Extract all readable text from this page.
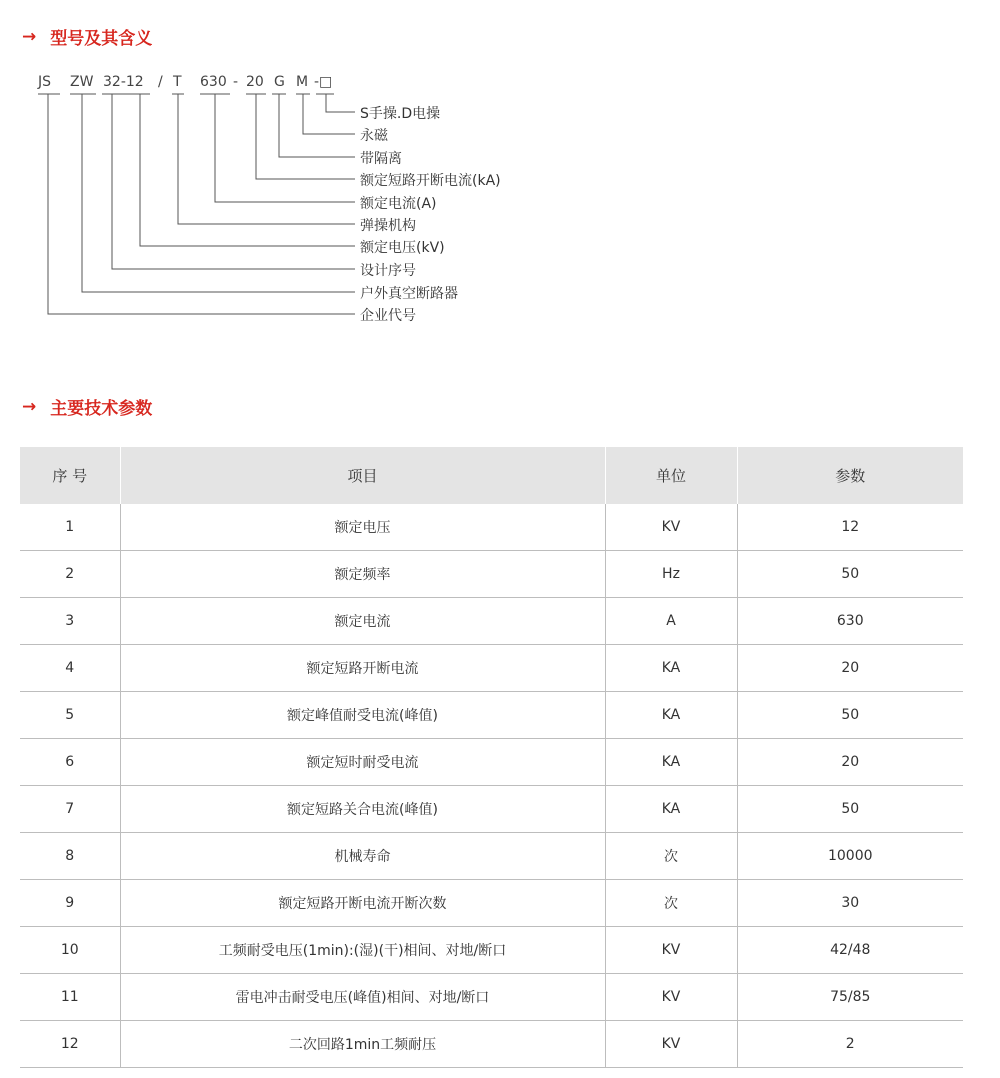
→ 型号及其含义

JS

ZW

32-12

/

T

630

-

20

G

M

-□

S手操.D电操
永磁
带隔离
额定短路开断电流(kA)
额定电流(A)
弹操机构
额定电压(kV)
设计序号
户外真空断路器
企业代号
→ 主要技术参数
序 号	项目	单位	参数
1	额定电压	KV	12
2	额定频率	Hz	50
3	额定电流	A	630
4	额定短路开断电流	KA	20
5	额定峰值耐受电流(峰值)	KA	50
6	额定短时耐受电流	KA	20
7	额定短路关合电流(峰值)	KA	50
8	机械寿命	次	10000
9	额定短路开断电流开断次数	次	30
10	工频耐受电压(1min):(湿)(干)相间、对地/断口	KV	42/48
11	雷电冲击耐受电压(峰值)相间、对地/断口	KV	75/85
12	二次回路1min工频耐压	KV	2
